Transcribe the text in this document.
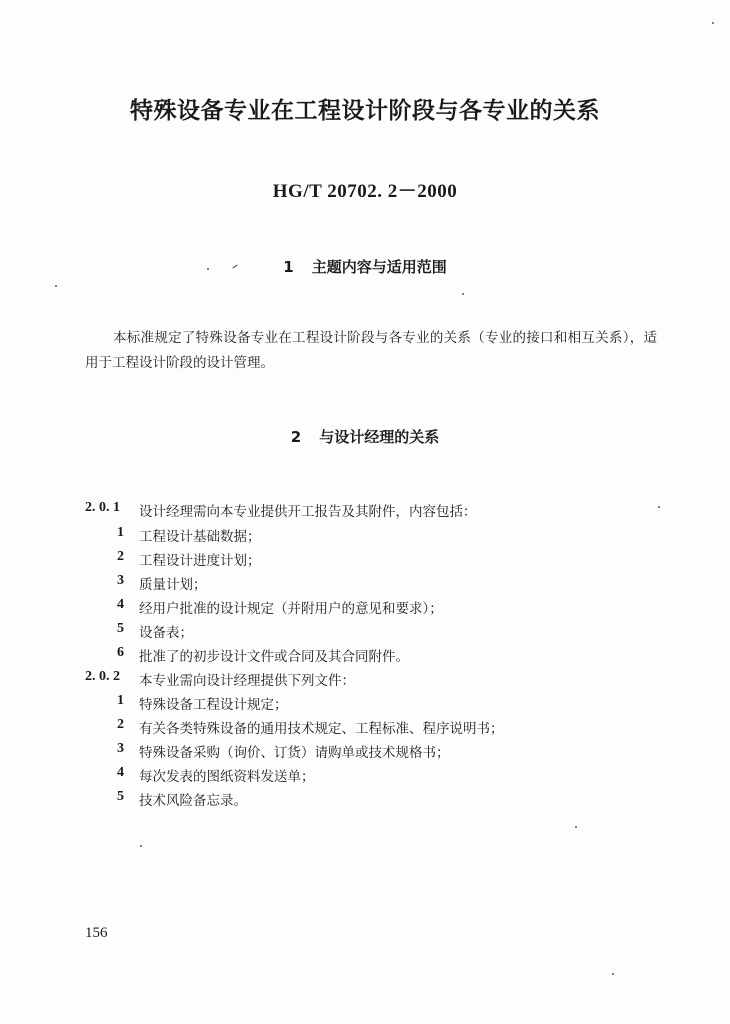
特殊设备专业在工程设计阶段与各专业的关系
HG/T 20702. 2－2000
1 主题内容与适用范围
本标准规定了特殊设备专业在工程设计阶段与各专业的关系（专业的接口和相互关系），适用于工程设计阶段的设计管理。
2 与设计经理的关系
2. 0. 1 设计经理需向本专业提供开工报告及其附件，内容包括：
1 工程设计基础数据；
2 工程设计进度计划；
3 质量计划；
4 经用户批准的设计规定（并附用户的意见和要求）；
5 设备表；
6 批准了的初步设计文件或合同及其合同附件。
2. 0. 2 本专业需向设计经理提供下列文件：
1 特殊设备工程设计规定；
2 有关各类特殊设备的通用技术规定、工程标准、程序说明书；
3 特殊设备采购（询价、订货）请购单或技术规格书；
4 每次发表的图纸资料发送单；
5 技术风险备忘录。
156
